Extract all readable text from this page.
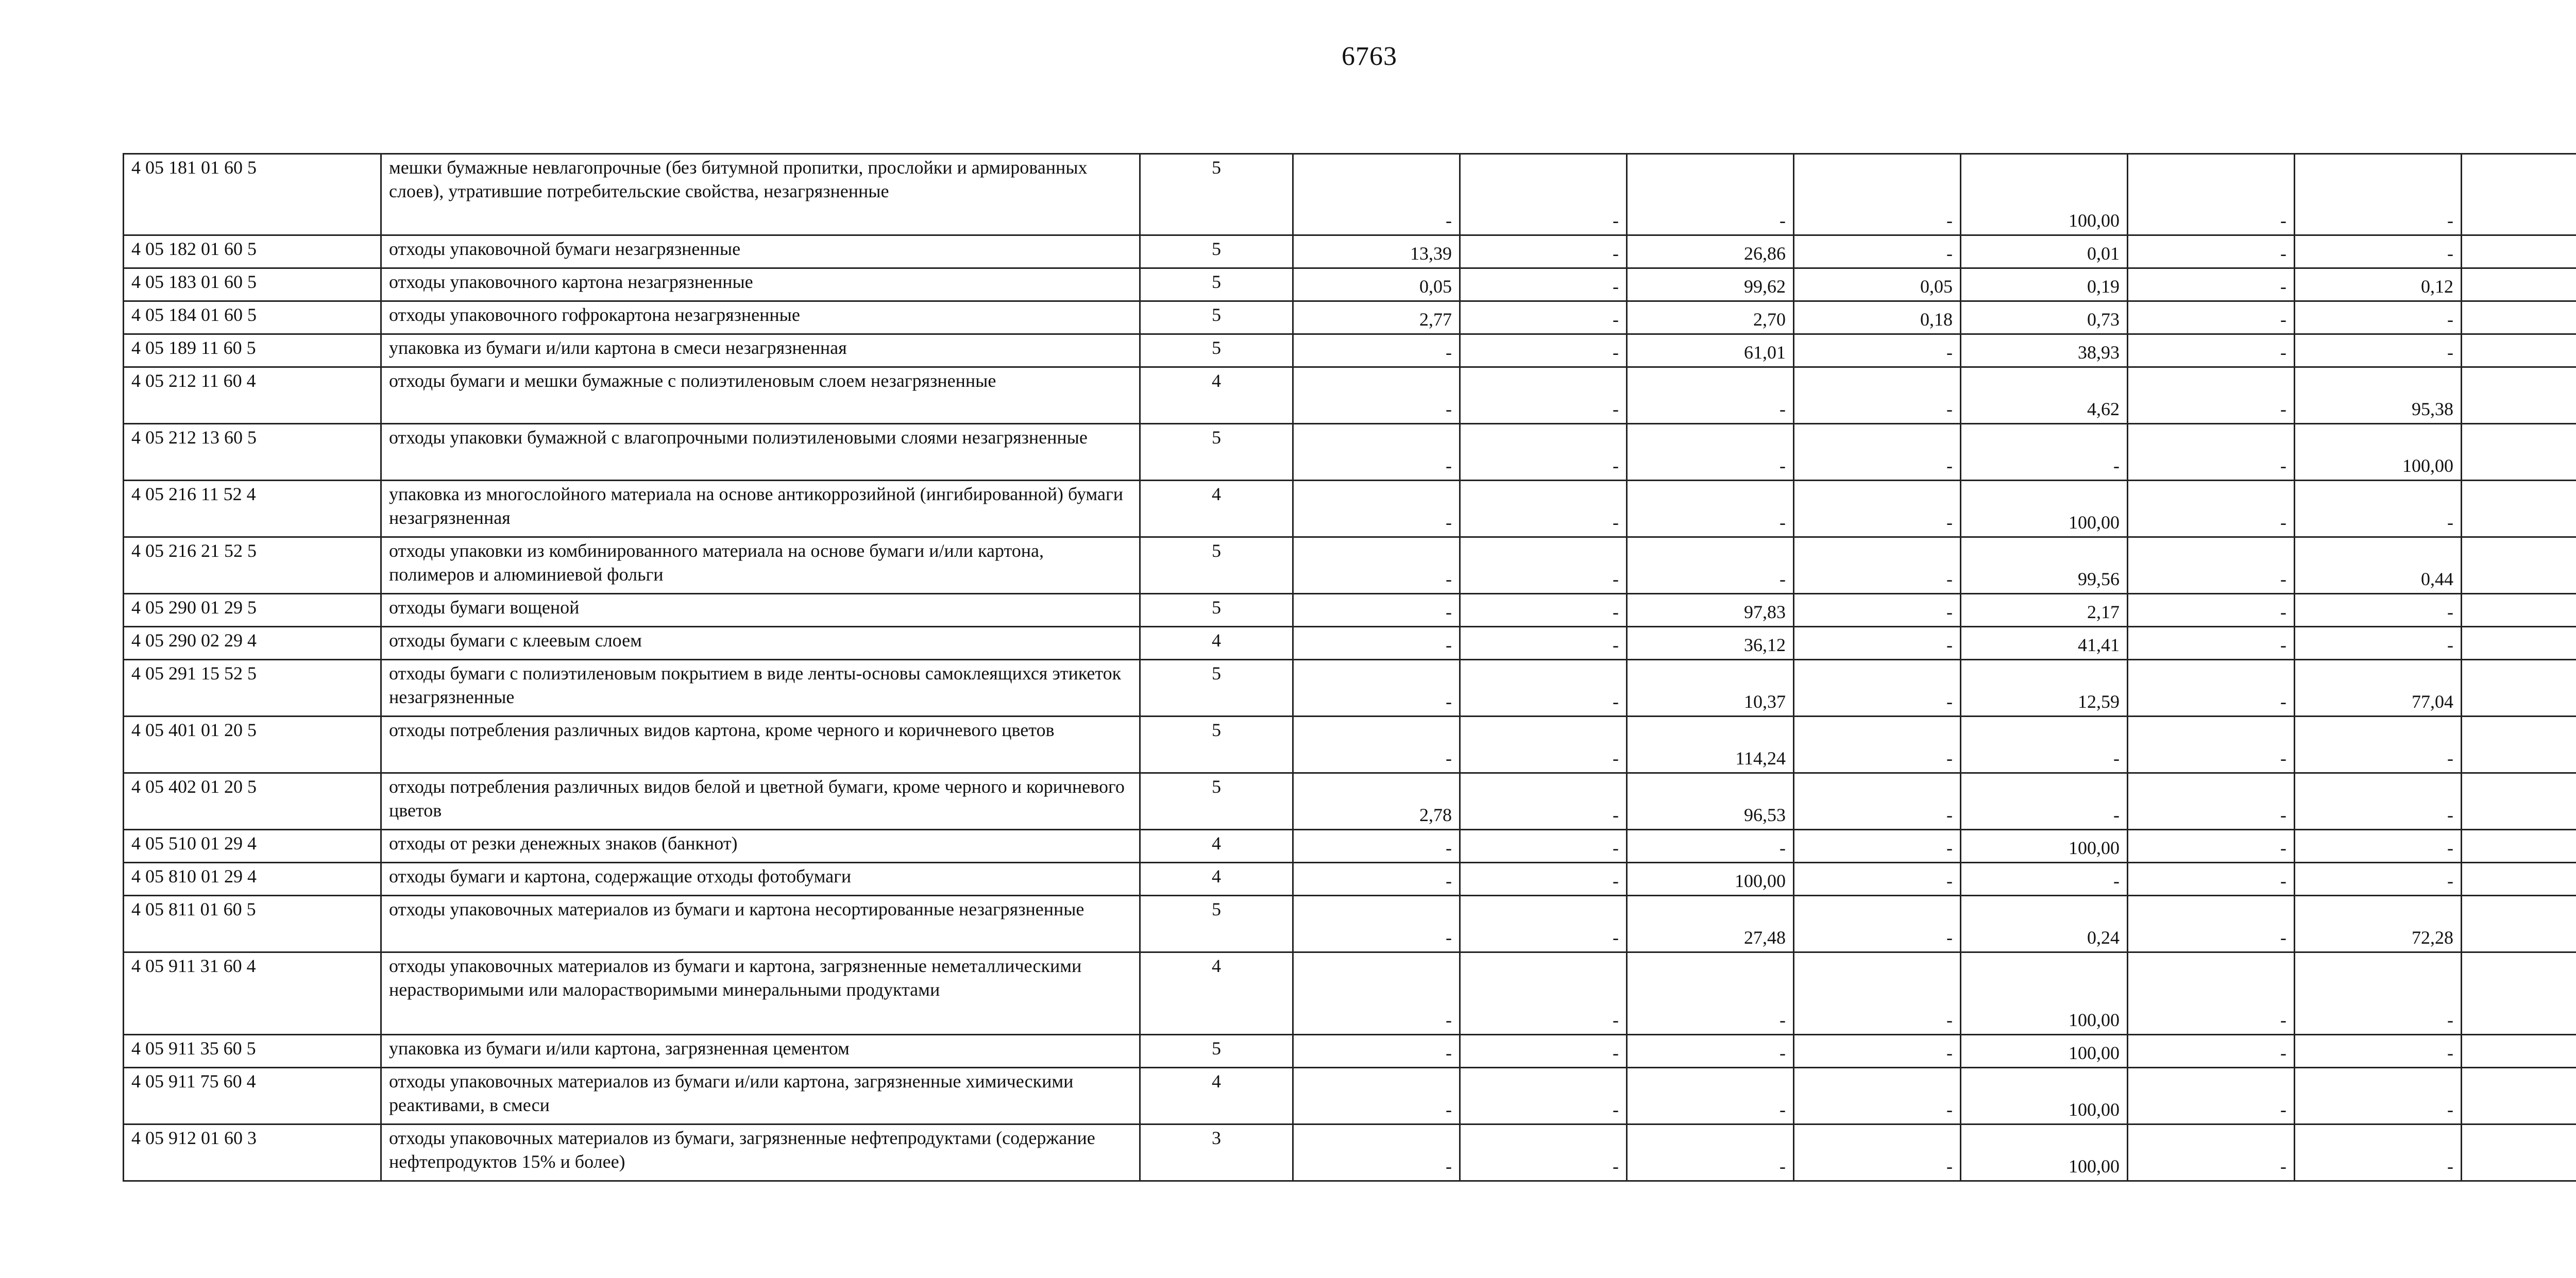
6763
4 05 181 01 60 5	мешки бумажные невлагопрочные (без битумной пропитки, прослойки и армированных слоев), утратившие потребительские свойства, незагрязненные	5	-	-	-	-	100,00	-	-	
4 05 182 01 60 5	отходы упаковочной бумаги незагрязненные	5	13,39	-	26,86	-	0,01	-	-	
4 05 183 01 60 5	отходы упаковочного картона незагрязненные	5	0,05	-	99,62	0,05	0,19	-	0,12	
4 05 184 01 60 5	отходы упаковочного гофрокартона незагрязненные	5	2,77	-	2,70	0,18	0,73	-	-	
4 05 189 11 60 5	упаковка из бумаги и/или картона в смеси незагрязненная	5	-	-	61,01	-	38,93	-	-	
4 05 212 11 60 4	отходы бумаги и мешки бумажные с полиэтиленовым слоем незагрязненные	4	-	-	-	-	4,62	-	95,38	
4 05 212 13 60 5	отходы упаковки бумажной с влагопрочными полиэтиленовыми слоями незагрязненные	5	-	-	-	-	-	-	100,00	
4 05 216 11 52 4	упаковка из многослойного материала на основе антикоррозийной (ингибированной) бумаги незагрязненная	4	-	-	-	-	100,00	-	-	
4 05 216 21 52 5	отходы упаковки из комбинированного материала на основе бумаги и/или картона, полимеров и алюминиевой фольги	5	-	-	-	-	99,56	-	0,44	
4 05 290 01 29 5	отходы бумаги вощеной	5	-	-	97,83	-	2,17	-	-	
4 05 290 02 29 4	отходы бумаги с клеевым слоем	4	-	-	36,12	-	41,41	-	-	
4 05 291 15 52 5	отходы бумаги с полиэтиленовым покрытием в виде ленты-основы самоклеящихся этикеток незагрязненные	5	-	-	10,37	-	12,59	-	77,04	
4 05 401 01 20 5	отходы потребления различных видов картона, кроме черного и коричневого цветов	5	-	-	114,24	-	-	-	-	
4 05 402 01 20 5	отходы потребления различных видов белой и цветной бумаги, кроме черного и коричневого цветов	5	2,78	-	96,53	-	-	-	-	
4 05 510 01 29 4	отходы от резки денежных знаков (банкнот)	4	-	-	-	-	100,00	-	-	
4 05 810 01 29 4	отходы бумаги и картона, содержащие отходы фотобумаги	4	-	-	100,00	-	-	-	-	
4 05 811 01 60 5	отходы упаковочных материалов из бумаги и картона несортированные незагрязненные	5	-	-	27,48	-	0,24	-	72,28	
4 05 911 31 60 4	отходы упаковочных материалов из бумаги и картона, загрязненные неметаллическими нерастворимыми или малорастворимыми минеральными продуктами	4	-	-	-	-	100,00	-	-	
4 05 911 35 60 5	упаковка из бумаги и/или картона, загрязненная цементом	5	-	-	-	-	100,00	-	-	
4 05 911 75 60 4	отходы упаковочных материалов из бумаги и/или картона, загрязненные химическими реактивами, в смеси	4	-	-	-	-	100,00	-	-	
4 05 912 01 60 3	отходы упаковочных материалов из бумаги, загрязненные нефтепродуктами (содержание нефтепродуктов 15% и более)	3	-	-	-	-	100,00	-	-	
